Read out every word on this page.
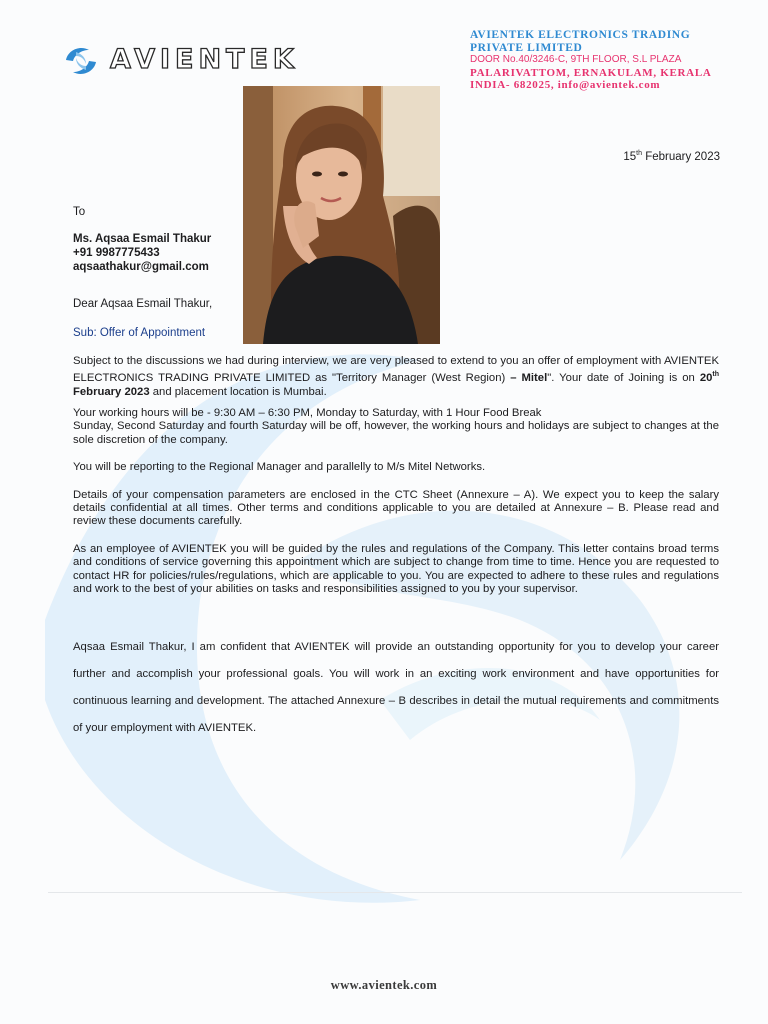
AVIENTEK
AVIENTEK ELECTRONICS TRADING
PRIVATE LIMITED
DOOR No.40/3246-C, 9TH FLOOR, S.L PLAZA
PALARIVATTOM, ERNAKULAM, KERALA
INDIA- 682025, info@avientek.com
15th February 2023
To
Ms. Aqsaa Esmail Thakur
+91 9987775433
aqsaathakur@gmail.com
Dear Aqsaa Esmail Thakur,
Sub: Offer of Appointment

Subject to the discussions we had during interview, we are very pleased to extend to you an offer of employment with AVIENTEK ELECTRONICS TRADING PRIVATE LIMITED as "Territory Manager (West Region) – Mitel". Your date of Joining is on 20th February 2023 and placement location is Mumbai.

Your working hours will be - 9:30 AM – 6:30 PM, Monday to Saturday, with 1 Hour Food Break

Sunday, Second Saturday and fourth Saturday will be off, however, the working hours and holidays are subject to changes at the sole discretion of the company.

You will be reporting to the Regional Manager and parallelly to M/s Mitel Networks.

Details of your compensation parameters are enclosed in the CTC Sheet (Annexure – A). We expect you to keep the salary details confidential at all times. Other terms and conditions applicable to you are detailed at Annexure – B. Please read and review these documents carefully.

As an employee of AVIENTEK you will be guided by the rules and regulations of the Company. This letter contains broad terms and conditions of service governing this appointment which are subject to change from time to time. Hence you are requested to contact HR for policies/rules/regulations, which are applicable to you. You are expected to adhere to these rules and regulations and work to the best of your abilities on tasks and responsibilities assigned to you by your supervisor.

Aqsaa Esmail Thakur, I am confident that AVIENTEK will provide an outstanding opportunity for you to develop your career further and accomplish your professional goals. You will work in an exciting work environment and have opportunities for continuous learning and development. The attached Annexure – B describes in detail the mutual requirements and commitments of your employment with AVIENTEK.
www.avientek.com
